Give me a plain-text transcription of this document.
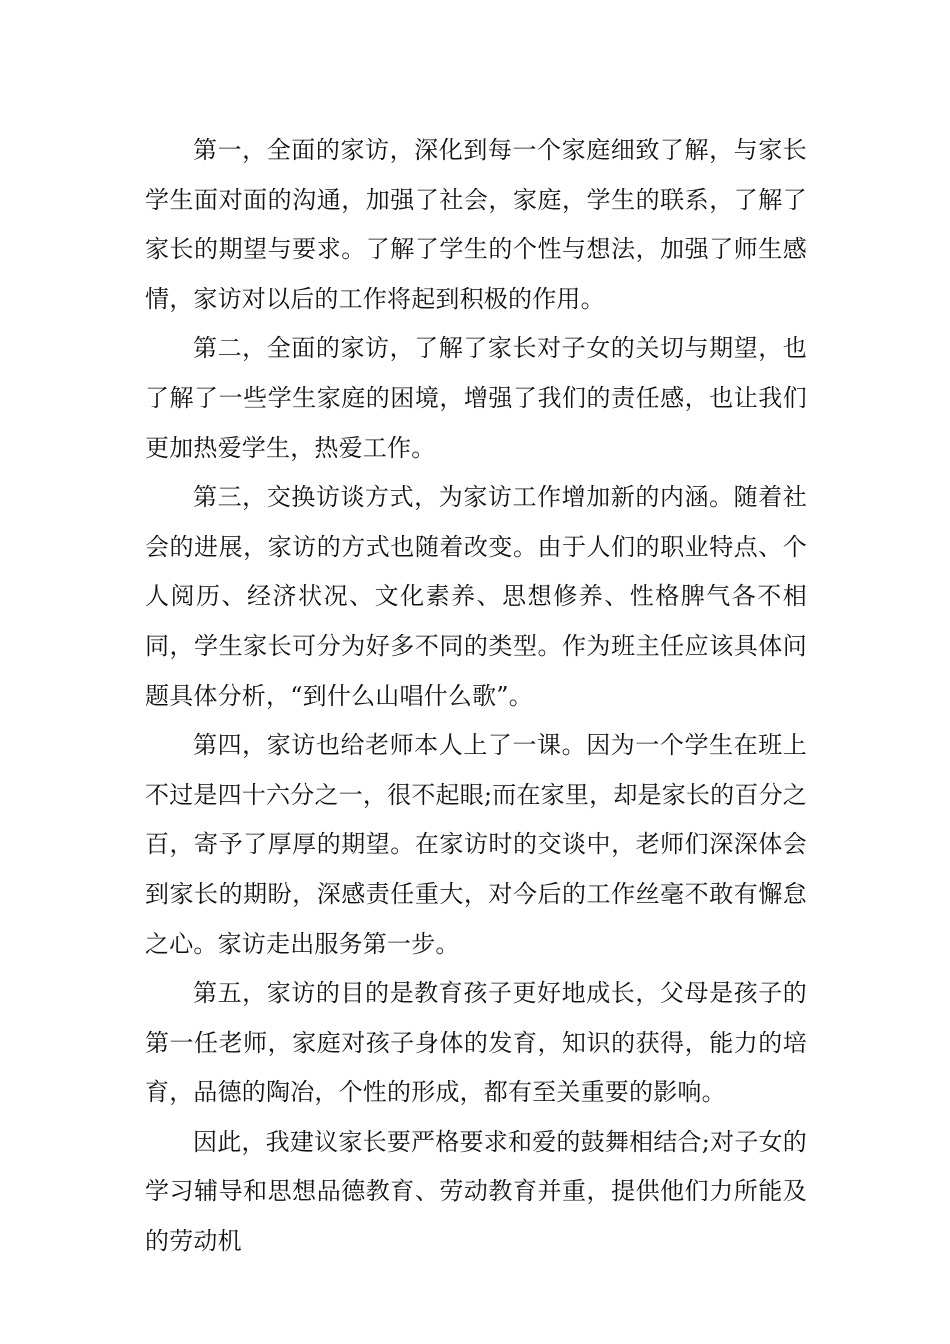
第一，全面的家访，深化到每一个家庭细致了解，与家长学生面对面的沟通，加强了社会，家庭，学生的联系，了解了家长的期望与要求。了解了学生的个性与想法，加强了师生感情，家访对以后的工作将起到积极的作用。

第二，全面的家访，了解了家长对子女的关切与期望，也了解了一些学生家庭的困境，增强了我们的责任感，也让我们更加热爱学生，热爱工作。

第三，交换访谈方式，为家访工作增加新的内涵。随着社会的进展，家访的方式也随着改变。由于人们的职业特点、个人阅历、经济状况、文化素养、思想修养、性格脾气各不相同，学生家长可分为好多不同的类型。作为班主任应该具体问题具体分析，“到什么山唱什么歌”。

第四，家访也给老师本人上了一课。因为一个学生在班上不过是四十六分之一，很不起眼;而在家里，却是家长的百分之百，寄予了厚厚的期望。在家访时的交谈中，老师们深深体会到家长的期盼，深感责任重大，对今后的工作丝毫不敢有懈怠之心。家访走出服务第一步。

第五，家访的目的是教育孩子更好地成长，父母是孩子的第一任老师，家庭对孩子身体的发育，知识的获得，能力的培育，品德的陶冶，个性的形成，都有至关重要的影响。

因此，我建议家长要严格要求和爱的鼓舞相结合;对子女的学习辅导和思想品德教育、劳动教育并重，提供他们力所能及的劳动机
